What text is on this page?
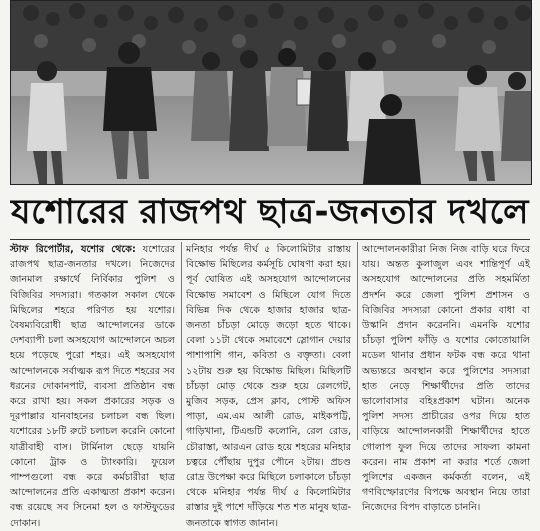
যশোরের রাজপথ ছাত্র-জনতার দখলে

স্টাফ রিপোর্টার, যশোর থেকে: যশোরের রাজপথ ছাত্র-জনতার দখলে। নিজেদের জানমাল রক্ষার্থে নির্বিকার পুলিশ ও বিজিবির সদস্যরা। গতকাল সকাল থেকে মিছিলের শহরে পরিণত হয় যশোর। বৈষম্যবিরোধী ছাত্র আন্দোলনের ডাকে দেশব্যাপী চলা অসহযোগ আন্দোলনে অচল হয়ে পড়েছে পুরো শহর। এই অসহযোগ আন্দোলনকে সর্বাত্মক রূপ দিতে শহরের সব ধরনের দোকানপাট, ব্যবসা প্রতিষ্ঠান বন্ধ করে রাখা হয়। সকল প্রকারের সড়ক ও দূরপাল্লার যানবাহনের চলাচল বন্ধ ছিল। যশোরের ১৮টি রুটে চলাচল করেনি কোনো যাত্রীবাহী বাস। টার্মিনাল ছেড়ে যায়নি কোনো ট্রাক ও ট্যাংকারি। ফুয়েল পাম্পগুলো বন্ধ করে কর্মচারীরা ছাত্র আন্দোলনের প্রতি একাত্মতা প্রকাশ করেন। বন্ধ রয়েছে সব সিনেমা হল ও ফাস্টফুডের দোকান।

মনিহার পর্যন্ত দীর্ঘ ৫ কিলোমিটার রাস্তায় বিক্ষোভ মিছিলের কর্মসূচি ঘোষণা করা হয়। পূর্ব ঘোষিত এই অসহযোগ আন্দোলনের বিক্ষোভ সমাবেশ ও মিছিলে যোগ দিতে বিভিন্ন দিক থেকে হাজার হাজার ছাত্র-জনতা চাঁচড়া মোড়ে জড়ো হতে থাকে। বেলা ১১টা থেকে সমাবেশে স্লোগান দেয়ার পাশাপাশি গান, কবিতা ও বক্তৃতা। বেলা ১২টায় শুরু হয় বিক্ষোভ মিছিল। মিছিলটি চাঁচড়া মোড় থেকে শুরু হয়ে রেলগেট, মুজিব সড়ক, প্রেস ক্লাব, পোস্ট অফিস পাড়া, এম.এম আলী রোড, মাইকপট্টি, গাড়িখানা, টিএন্ডটি কলোনি, রেল রোড, চৌরাস্তা, আরএন রোড হয়ে শহরের মনিহার চত্বরে পৌঁছায় দুপুর পৌনে ২টায়। প্রচণ্ড রোদ্র উপেক্ষা করে মিছিলে চলাকালে চাঁচড়া থেকে মনিহার পর্যন্ত দীর্ঘ ৫ কিলোমিটার রাস্তার দুই পাশে দাঁড়িয়ে শত শত মানুষ ছাত্র-জনতাকে স্বাগত জানান।

আন্দোলনকারীরা নিজ নিজ বাড়ি ঘরে ফিরে যায়। অন্তত কুলাজুল এবং শান্তিপূর্ণ এই অসহযোগ আন্দোলনের প্রতি সহমর্মিতা প্রদর্শন করে জেলা পুলিশ প্রশাসন ও বিজিবির সদস্যরা কোনো প্রকার বাধা বা উস্কানি প্রদান করেননি। এমনকি যশোর চাঁচড়া পুলিশ ফাঁড়ি ও যশোর কোতোয়ালি মডেল থানার প্রধান ফটক বন্ধ করে থানা অভ্যন্তরে অবস্থান করে পুলিশের সদস্যরা হাত নেড়ে শিক্ষার্থীদের প্রতি তাদের ভালোবাসার বহিঃপ্রকাশ ঘটান। অনেক পুলিশ সদস্য প্রাচীরের ওপর দিয়ে হাত বাড়িয়ে আন্দোলনকারী শিক্ষার্থীদের হাতে গোলাপ ফুল দিয়ে তাদের সাফল্য কামনা করেন। নাম প্রকাশ না করার শর্তে জেলা পুলিশের একজন কর্মকর্তা বলেন, এই গণবিস্ফোরণের বিপক্ষে অবস্থান নিয়ে তারা নিজেদের বিপদ বাড়াতে চাননি।
